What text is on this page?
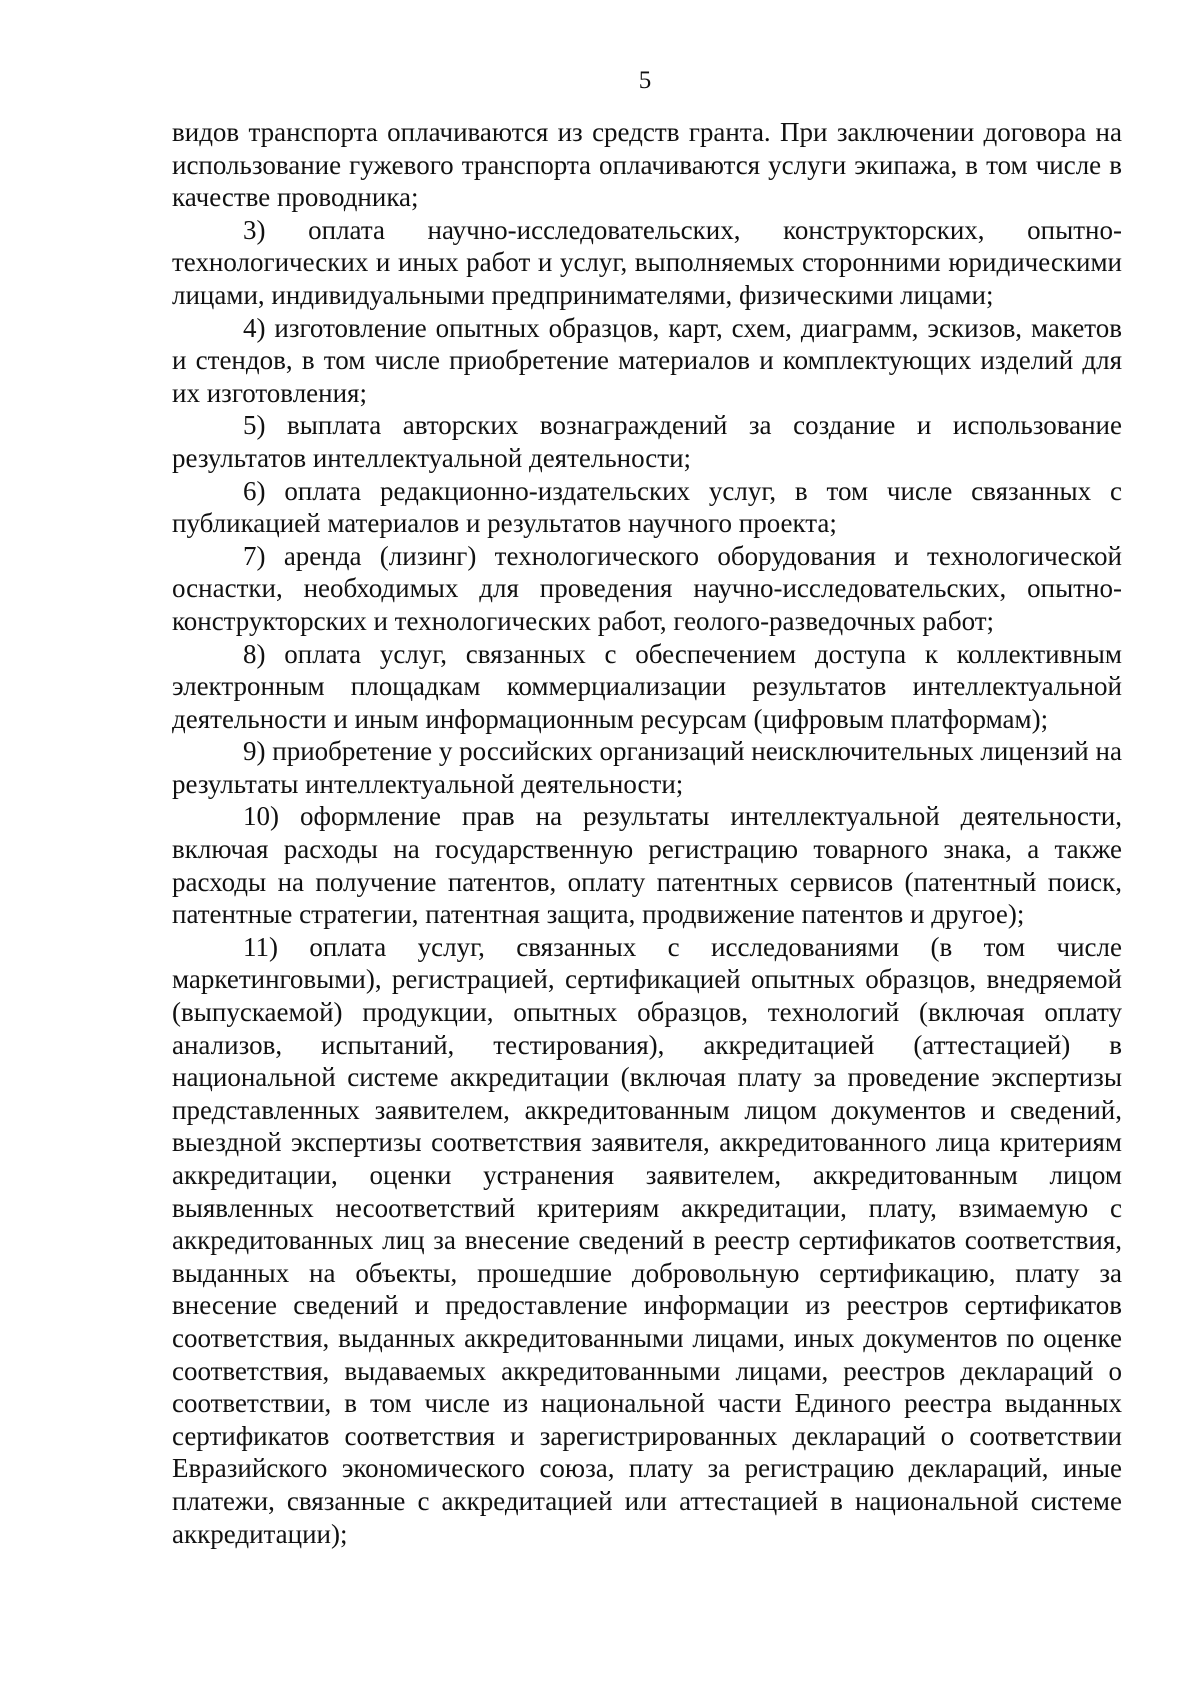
5

видов транспорта оплачиваются из средств гранта. При заключении договора на использование гужевого транспорта оплачиваются услуги экипажа, в том числе в качестве проводника;

3) оплата научно-исследовательских, конструкторских, опытно-технологических и иных работ и услуг, выполняемых сторонними юридическими лицами, индивидуальными предпринимателями, физическими лицами;

4) изготовление опытных образцов, карт, схем, диаграмм, эскизов, макетов и стендов, в том числе приобретение материалов и комплектующих изделий для их изготовления;

5) выплата авторских вознаграждений за создание и использование результатов интеллектуальной деятельности;

6) оплата редакционно-издательских услуг, в том числе связанных с публикацией материалов и результатов научного проекта;

7) аренда (лизинг) технологического оборудования и технологической оснастки, необходимых для проведения научно-исследовательских, опытно-конструкторских и технологических работ, геолого-разведочных работ;

8) оплата услуг, связанных с обеспечением доступа к коллективным электронным площадкам коммерциализации результатов интеллектуальной деятельности и иным информационным ресурсам (цифровым платформам);

9) приобретение у российских организаций неисключительных лицензий на результаты интеллектуальной деятельности;

10) оформление прав на результаты интеллектуальной деятельности, включая расходы на государственную регистрацию товарного знака, а также расходы на получение патентов, оплату патентных сервисов (патентный поиск, патентные стратегии, патентная защита, продвижение патентов и другое);

11) оплата услуг, связанных с исследованиями (в том числе маркетинговыми), регистрацией, сертификацией опытных образцов, внедряемой (выпускаемой) продукции, опытных образцов, технологий (включая оплату анализов, испытаний, тестирования), аккредитацией (аттестацией) в национальной системе аккредитации (включая плату за проведение экспертизы представленных заявителем, аккредитованным лицом документов и сведений, выездной экспертизы соответствия заявителя, аккредитованного лица критериям аккредитации, оценки устранения заявителем, аккредитованным лицом выявленных несоответствий критериям аккредитации, плату, взимаемую с аккредитованных лиц за внесение сведений в реестр сертификатов соответствия, выданных на объекты, прошедшие добровольную сертификацию, плату за внесение сведений и предоставление информации из реестров сертификатов соответствия, выданных аккредитованными лицами, иных документов по оценке соответствия, выдаваемых аккредитованными лицами, реестров деклараций о соответствии, в том числе из национальной части Единого реестра выданных сертификатов соответствия и зарегистрированных деклараций о соответствии Евразийского экономического союза, плату за регистрацию деклараций, иные платежи, связанные с аккредитацией или аттестацией в национальной системе аккредитации);
